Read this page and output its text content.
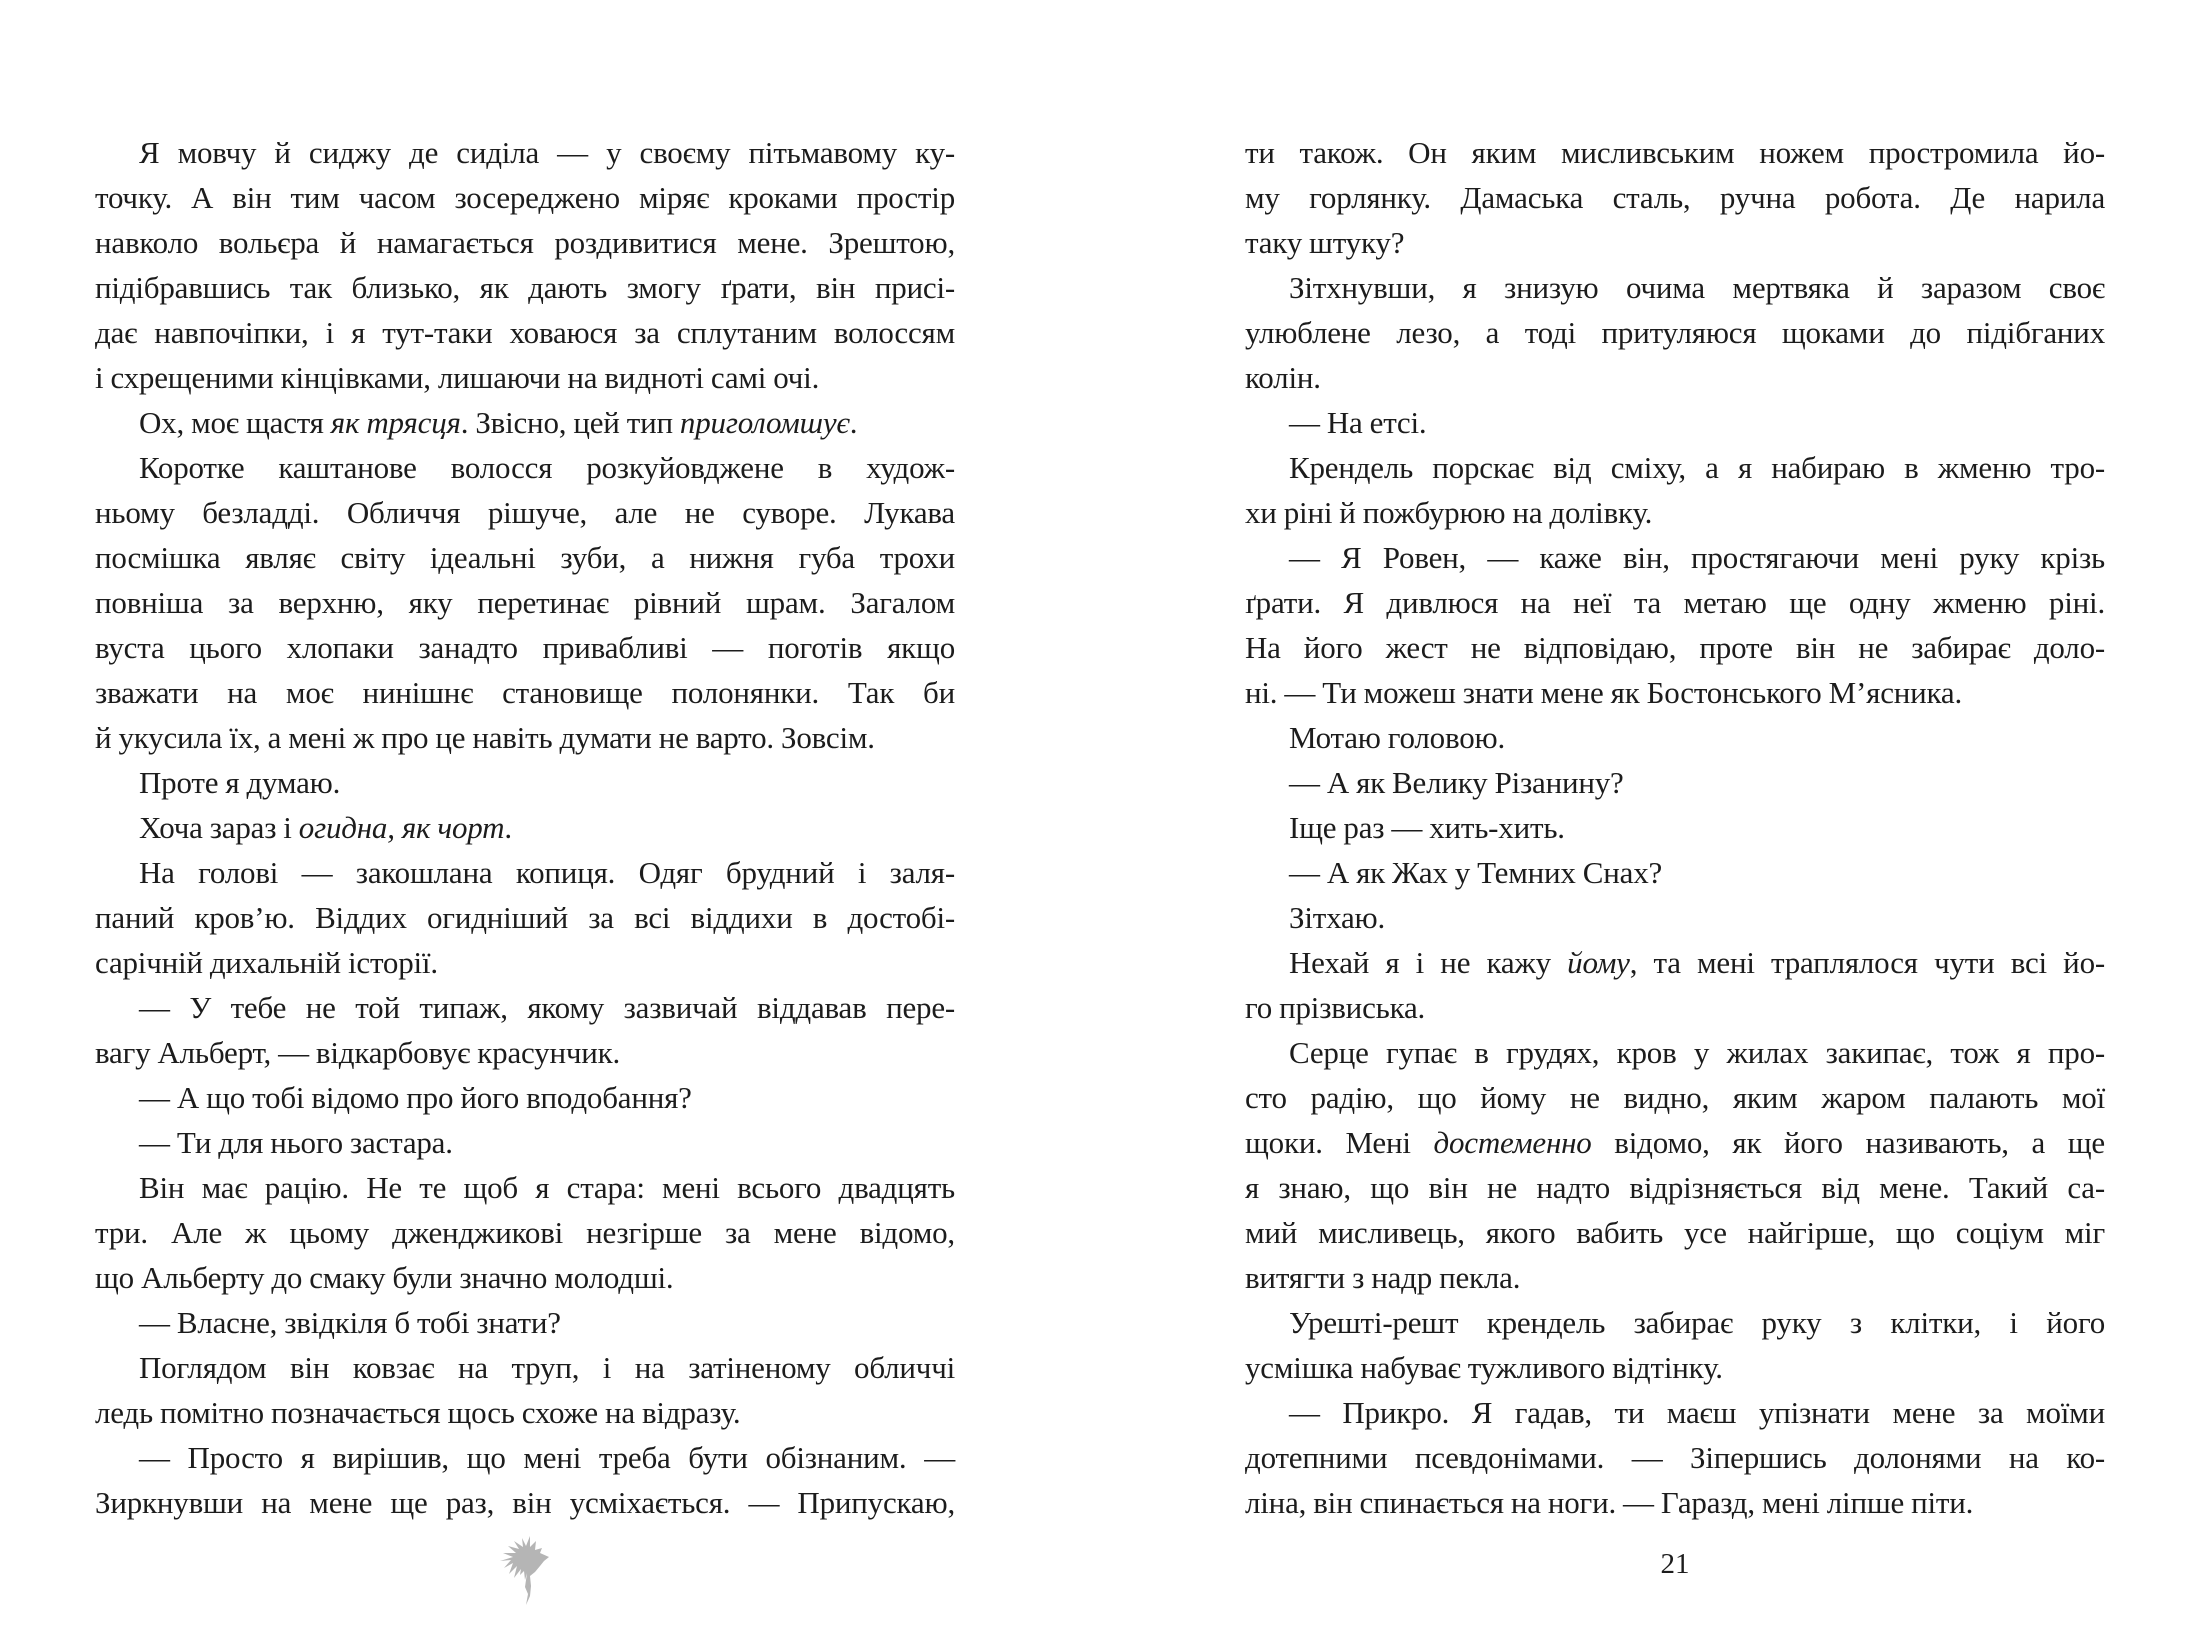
Я мовчу й сиджу де сиділа — у своєму пітьмавому ку-
точку. А він тим часом зосереджено міряє кроками простір
навколо вольєра й намагається роздивитися мене. Зрештою,
підібравшись так близько, як дають змогу ґрати, він присі-
дає навпочіпки, і я тут-таки ховаюся за сплутаним волоссям
і схрещеними кінцівками, лишаючи на видноті самі очі.
Ох, моє щастя як трясця. Звісно, цей тип приголомшує.
Коротке каштанове волосся розкуйовджене в худож-
ньому безладді. Обличчя рішуче, але не суворе. Лукава
посмішка являє світу ідеальні зуби, а нижня губа трохи
повніша за верхню, яку перетинає рівний шрам. Загалом
вуста цього хлопаки занадто привабливі — поготів якщо
зважати на моє нинішнє становище полонянки. Так би
й укусила їх, а мені ж про це навіть думати не варто. Зовсім.
Проте я думаю.
Хоча зараз і огидна, як чорт.
На голові — закошлана копиця. Одяг брудний і заля-
паний кров’ю. Віддих огидніший за всі віддихи в достобі-
сарічній дихальній історії.
— У тебе не той типаж, якому зазвичай віддавав пере-
вагу Альберт, — відкарбовує красунчик.
— А що тобі відомо про його вподобання?
— Ти для нього застара.
Він має рацію. Не те щоб я стара: мені всього двадцять
три. Але ж цьому дженджикові незгірше за мене відомо,
що Альберту до смаку були значно молодші.
— Власне, звідкіля б тобі знати?
Поглядом він ковзає на труп, і на затіненому обличчі
ледь помітно позначається щось схоже на відразу.
— Просто я вирішив, що мені треба бути обізнаним. —
Зиркнувши на мене ще раз, він усміхається. — Припускаю,
ти також. Он яким мисливським ножем простромила йо-
му горлянку. Дамаська сталь, ручна робота. Де нарила
таку штуку?
Зітхнувши, я знизую очима мертвяка й заразом своє
улюблене лезо, а тоді притуляюся щоками до підібганих
колін.
— На етсі.
Крендель порскає від сміху, а я набираю в жменю тро-
хи ріні й пожбурюю на долівку.
— Я Ровен, — каже він, простягаючи мені руку крізь
ґрати. Я дивлюся на неї та метаю ще одну жменю ріні.
На його жест не відповідаю, проте він не забирає доло-
ні. — Ти можеш знати мене як Бостонського М’ясника.
Мотаю головою.
— А як Велику Різанину?
Іще раз — хить-хить.
— А як Жах у Темних Снах?
Зітхаю.
Нехай я і не кажу йому, та мені траплялося чути всі йо-
го прізвиська.
Серце гупає в грудях, кров у жилах закипає, тож я про-
сто радію, що йому не видно, яким жаром палають мої
щоки. Мені достеменно відомо, як його називають, а ще
я знаю, що він не надто відрізняється від мене. Такий са-
мий мисливець, якого вабить усе найгірше, що соціум міг
витягти з надр пекла.
Урешті-решт крендель забирає руку з клітки, і його
усмішка набуває тужливого відтінку.
— Прикро. Я гадав, ти маєш упізнати мене за моїми
дотепними псевдонімами. — Зіпершись долонями на ко-
ліна, він спинається на ноги. — Гаразд, мені ліпше піти.
21
